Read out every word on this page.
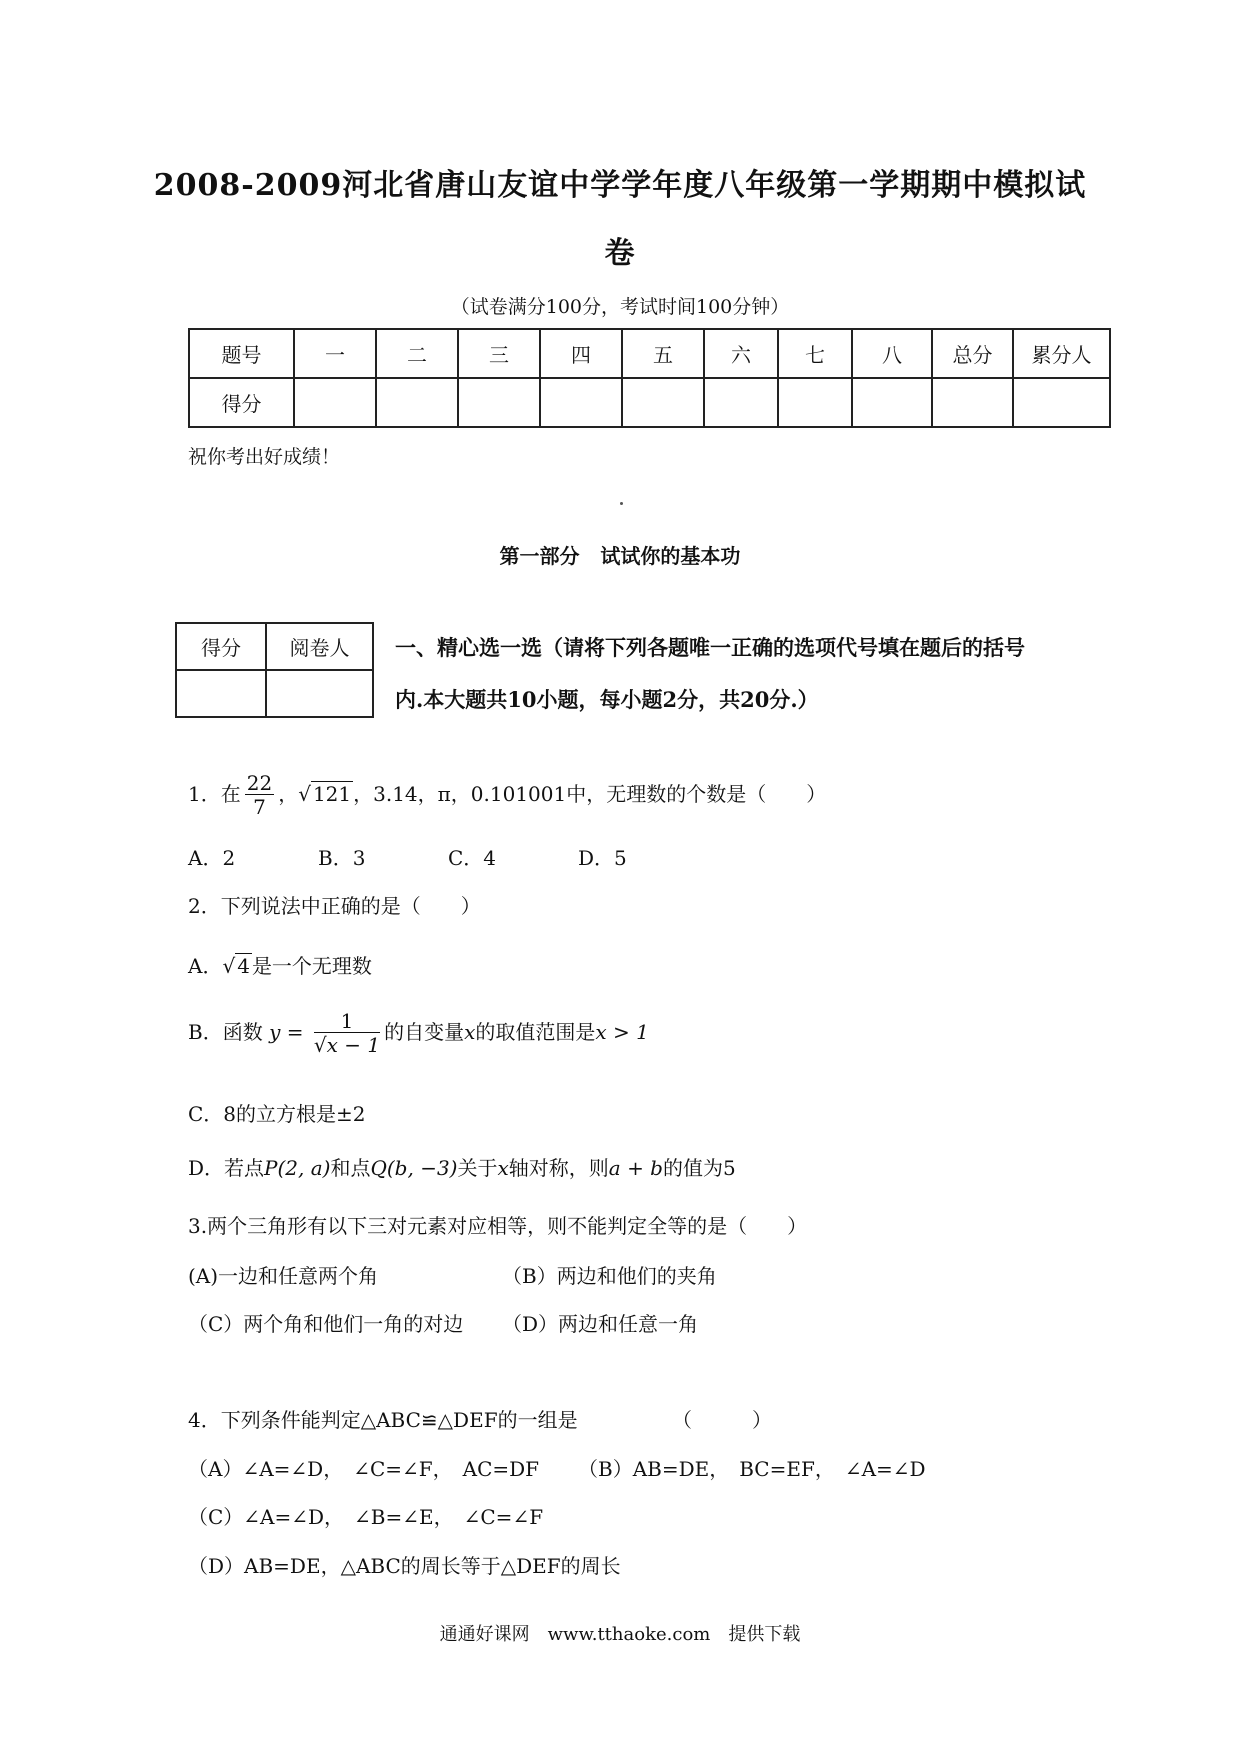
2008-2009河北省唐山友谊中学学年度八年级第一学期期中模拟试
卷
（试卷满分100分，考试时间100分钟）
题号	一	二	三	四	五	六	七	八	总分	累分人
得分										
祝你考出好成绩！
第一部分   试试你的基本功
得分	阅卷人
	一、精心选一选（请将下列各题唯一正确的选项代号填在题后的括号
内.本大题共10小题，每小题2分，共20分.）
1．在 $\frac{22}{7}$ ，√ 121 ，3.14，π，0.101001中，无理数的个数是（　　）
A．2	B．3	C．4	D．5
2．下列说法中正确的是（　　）
A．√ 4 是一个无理数
B．函数 $y = \frac{1}{√x - 1}$ 的自变量x的取值范围是x > 1
C．8的立方根是±2
D．若点P(2, a)和点Q(b, −3)关于x轴对称，则a + b的值为5
3.两个三角形有以下三对元素对应相等，则不能判定全等的是（　　）
(A)一边和任意两个角	（B）两边和他们的夹角
（C）两个角和他们一角的对边 （D）两边和任意一角
4．下列条件能判定△ABC≌△DEF的一组是	（　　　）
（A）∠A=∠D，　∠C=∠F，　AC=DF （B）AB=DE，　BC=EF，　∠A=∠D
（C）∠A=∠D，　∠B=∠E，　∠C=∠F
（D）AB=DE，△ABC的周长等于△DEF的周长
通通好课网　www.tthaoke.com　提供下载
